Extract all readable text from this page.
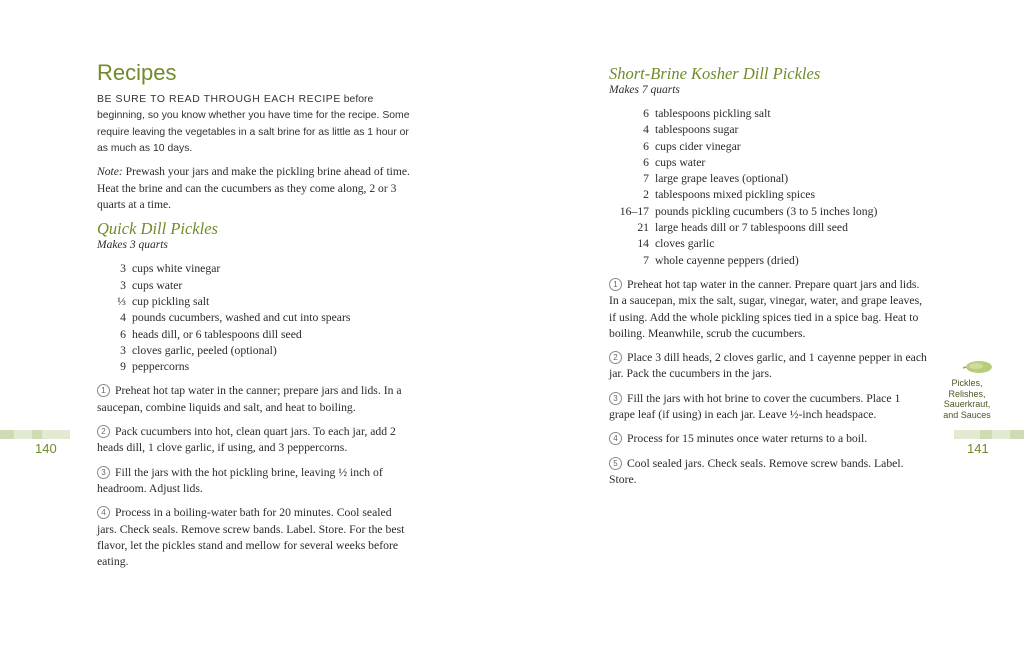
Recipes

BE SURE TO READ THROUGH EACH RECIPE before beginning, so you know whether you have time for the recipe. Some require leaving the vegetables in a salt brine for as little as 1 hour or as much as 10 days.

Note: Prewash your jars and make the pickling brine ahead of time. Heat the brine and can the cucumbers as they come along, 2 or 3 quarts at a time.

Quick Dill Pickles
Makes 3 quarts
3 cups white vinegar
3 cups water
⅓ cup pickling salt
4 pounds cucumbers, washed and cut into spears
6 heads dill, or 6 tablespoons dill seed
3 cloves garlic, peeled (optional)
9 peppercorns

1 Preheat hot tap water in the canner; prepare jars and lids. In a saucepan, combine liquids and salt, and heat to boiling.

2 Pack cucumbers into hot, clean quart jars. To each jar, add 2 heads dill, 1 clove garlic, if using, and 3 peppercorns.

3 Fill the jars with the hot pickling brine, leaving ½ inch of headroom. Adjust lids.

4 Process in a boiling-water bath for 20 minutes. Cool sealed jars. Check seals. Remove screw bands. Label. Store. For the best flavor, let the pickles stand and mellow for several weeks before eating.

140
Short-Brine Kosher Dill Pickles
Makes 7 quarts
6 tablespoons pickling salt
4 tablespoons sugar
6 cups cider vinegar
6 cups water
7 large grape leaves (optional)
2 tablespoons mixed pickling spices
16–17 pounds pickling cucumbers (3 to 5 inches long)
21 large heads dill or 7 tablespoons dill seed
14 cloves garlic
7 whole cayenne peppers (dried)

1 Preheat hot tap water in the canner. Prepare quart jars and lids. In a saucepan, mix the salt, sugar, vinegar, water, and grape leaves, if using. Add the whole pickling spices tied in a spice bag. Heat to boiling. Meanwhile, scrub the cucumbers.

2 Place 3 dill heads, 2 cloves garlic, and 1 cayenne pepper in each jar. Pack the cucumbers in the jars.

3 Fill the jars with hot brine to cover the cucumbers. Place 1 grape leaf (if using) in each jar. Leave ½-inch headspace.

4 Process for 15 minutes once water returns to a boil.

5 Cool sealed jars. Check seals. Remove screw bands. Label. Store.

Pickles,
Relishes,
Sauerkraut,
and Sauces
141
